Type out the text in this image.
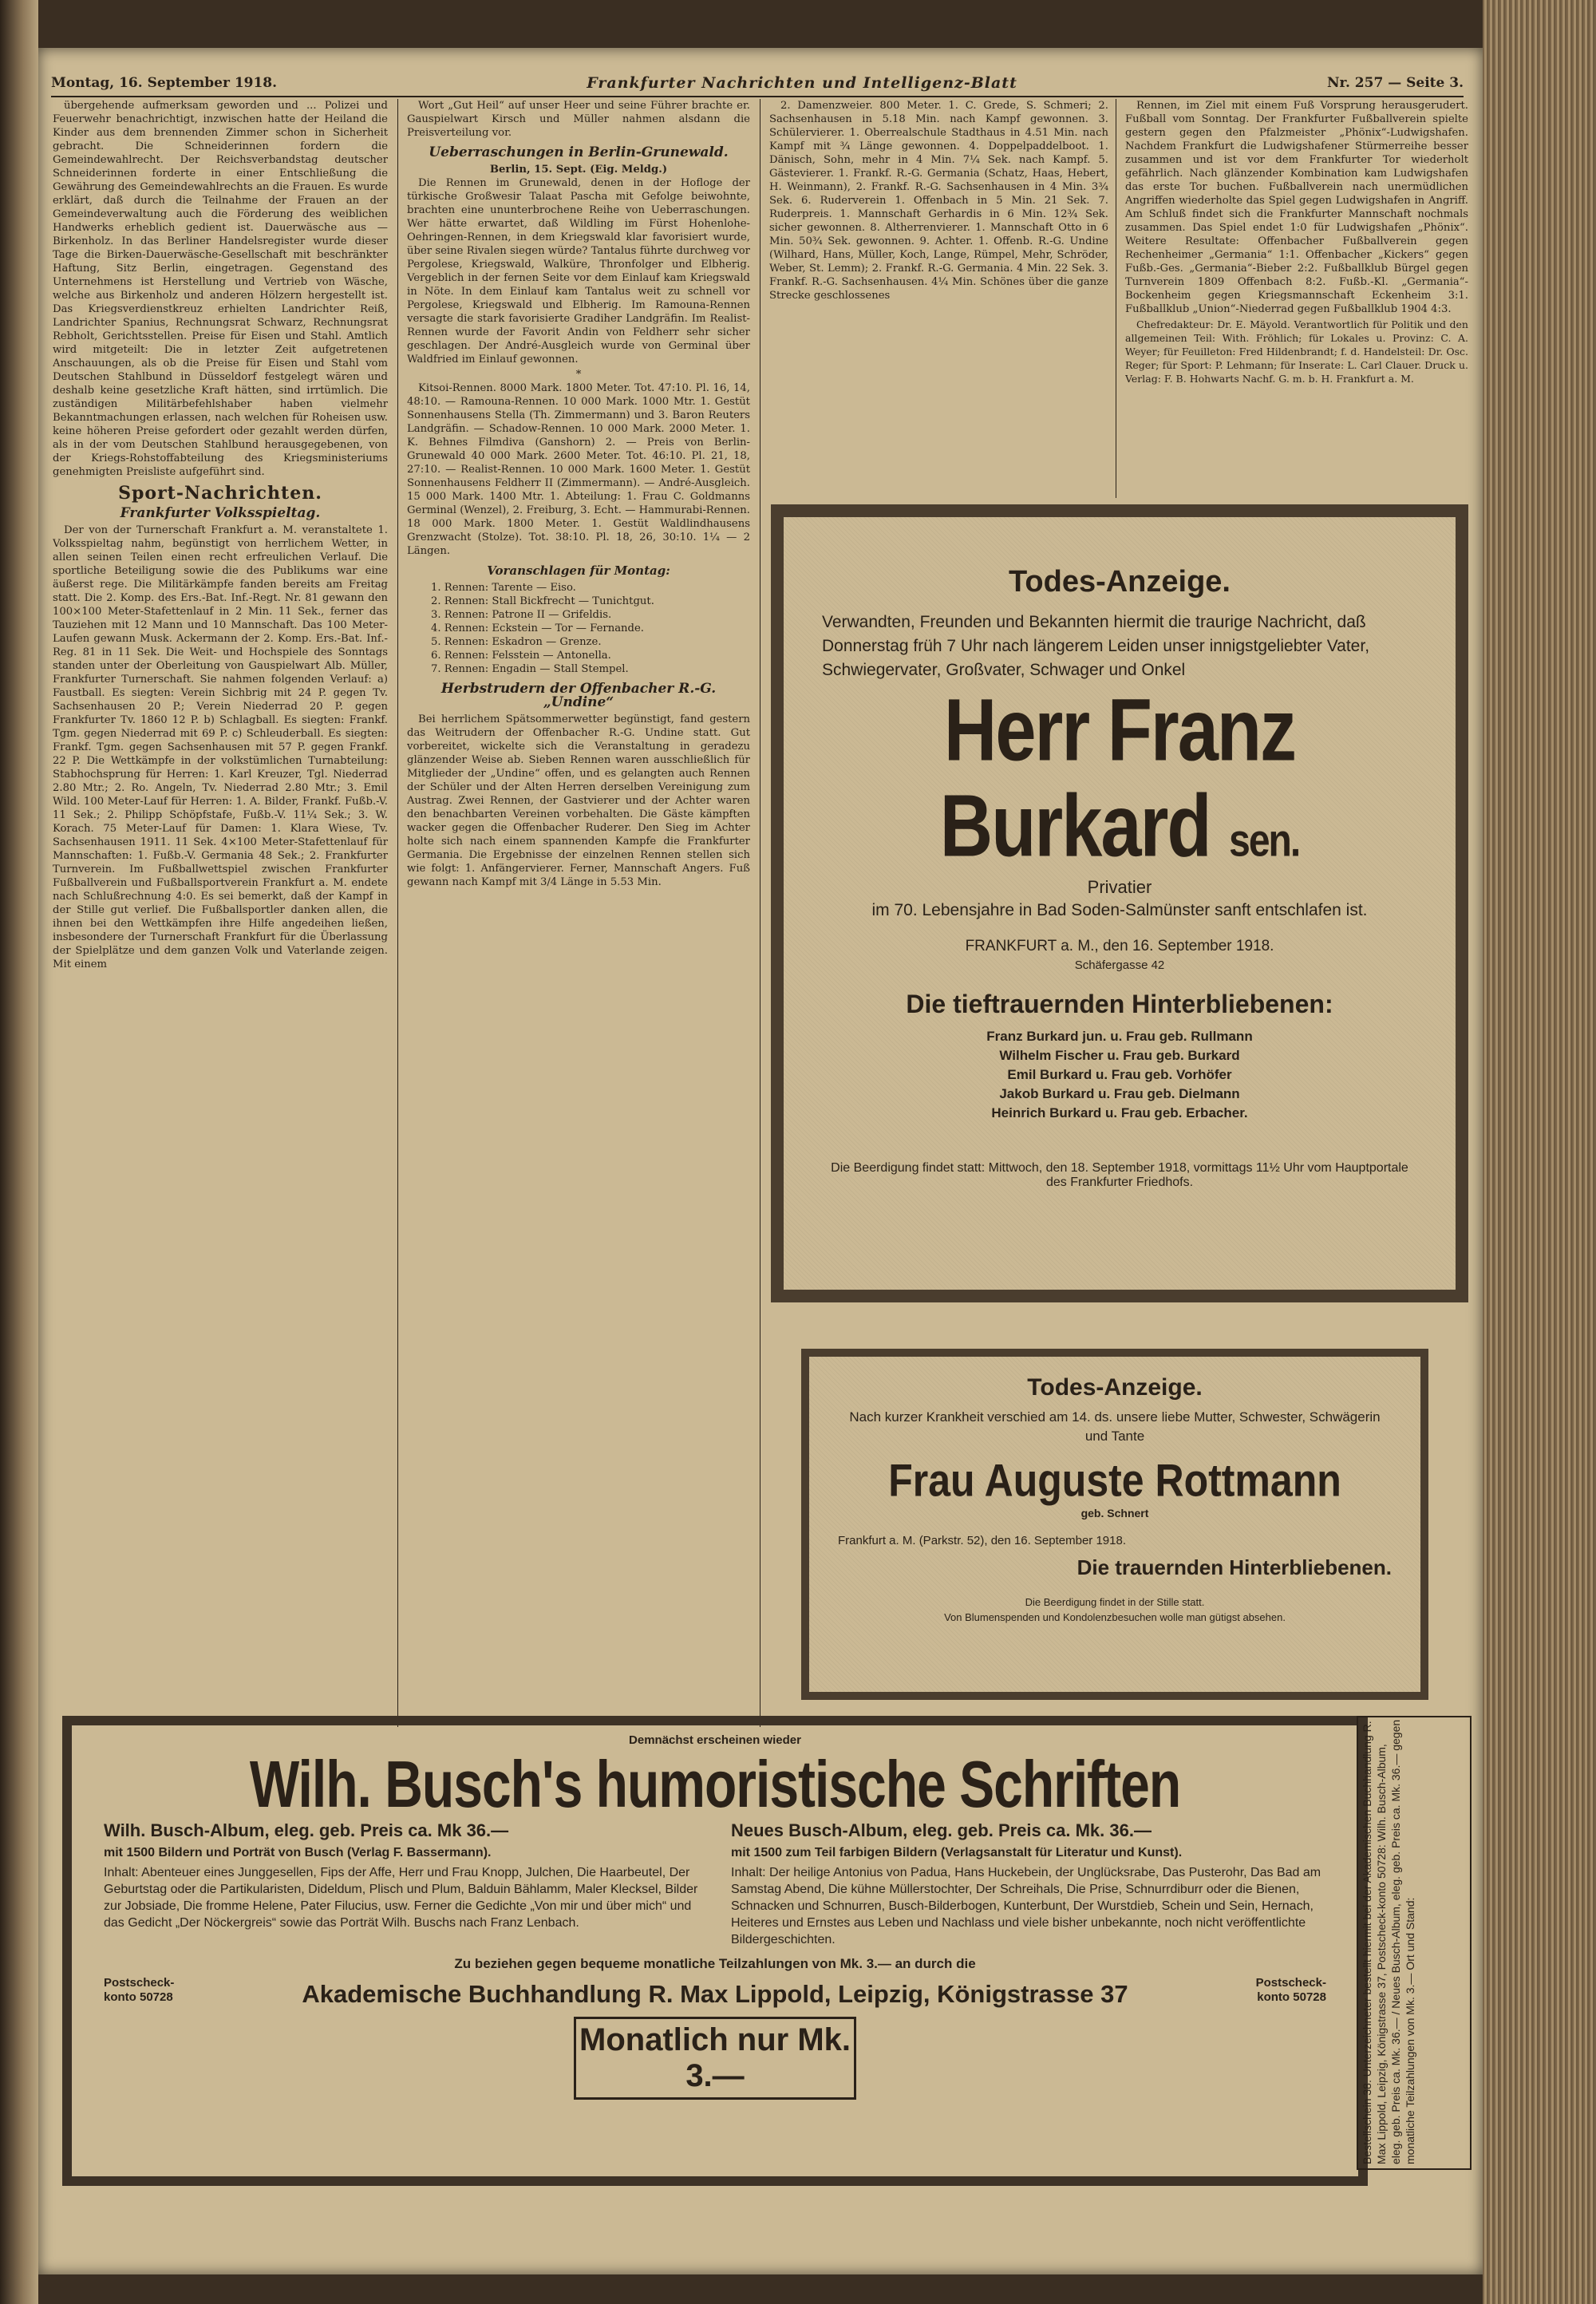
Montag, 16. September 1918.	Frankfurter Nachrichten und Intelligenz-Blatt	Nr. 257 — Seite 3.

übergehende aufmerksam geworden und ... Polizei und Feuerwehr benachrichtigt, inzwischen hatte der Heiland die Kinder aus dem brennenden Zimmer schon in Sicherheit gebracht. Die Schneiderinnen fordern die Gemeindewahlrecht. Der Reichsverbandstag deutscher Schneiderinnen forderte in einer Entschließung die Gewährung des Gemeindewahlrechts an die Frauen. Es wurde erklärt, daß durch die Teilnahme der Frauen an der Gemeindeverwaltung auch die Förderung des weiblichen Handwerks erheblich gedient ist. Dauerwäsche aus — Birkenholz. In das Berliner Handelsregister wurde dieser Tage die Birken-Dauerwäsche-Gesellschaft mit beschränkter Haftung, Sitz Berlin, eingetragen. Gegenstand des Unternehmens ist Herstellung und Vertrieb von Wäsche, welche aus Birkenholz und anderen Hölzern hergestellt ist. Das Kriegsverdienstkreuz erhielten Landrichter Reiß, Landrichter Spanius, Rechnungsrat Schwarz, Rechnungsrat Rebholt, Gerichtsstellen. Preise für Eisen und Stahl. Amtlich wird mitgeteilt: Die in letzter Zeit aufgetretenen Anschauungen, als ob die Preise für Eisen und Stahl vom Deutschen Stahlbund in Düsseldorf festgelegt wären und deshalb keine gesetzliche Kraft hätten, sind irrtümlich. Die zuständigen Militärbefehlshaber haben vielmehr Bekanntmachungen erlassen, nach welchen für Roheisen usw. keine höheren Preise gefordert oder gezahlt werden dürfen, als in der vom Deutschen Stahlbund herausgegebenen, von der Kriegs-Rohstoffabteilung des Kriegsministeriums genehmigten Preisliste aufgeführt sind.

Sport-Nachrichten.
Frankfurter Volksspieltag.

Der von der Turnerschaft Frankfurt a. M. veranstaltete 1. Volksspieltag nahm, begünstigt von herrlichem Wetter, in allen seinen Teilen einen recht erfreulichen Verlauf. Die sportliche Beteiligung sowie die des Publikums war eine äußerst rege. Die Militärkämpfe fanden bereits am Freitag statt. Die 2. Komp. des Ers.-Bat. Inf.-Regt. Nr. 81 gewann den 100×100 Meter-Stafettenlauf in 2 Min. 11 Sek., ferner das Tauziehen mit 12 Mann und 10 Mannschaft. Das 100 Meter-Laufen gewann Musk. Ackermann der 2. Komp. Ers.-Bat. Inf.-Reg. 81 in 11 Sek. Die Weit- und Hochspiele des Sonntags standen unter der Oberleitung von Gauspielwart Alb. Müller, Frankfurter Turnerschaft. Sie nahmen folgenden Verlauf: a) Faustball. Es siegten: Verein Sichbrig mit 24 P. gegen Tv. Sachsenhausen 20 P.; Verein Niederrad 20 P. gegen Frankfurter Tv. 1860 12 P. b) Schlagball. Es siegten: Frankf. Tgm. gegen Niederrad mit 69 P. c) Schleuderball. Es siegten: Frankf. Tgm. gegen Sachsenhausen mit 57 P. gegen Frankf. 22 P. Die Wettkämpfe in der volkstümlichen Turnabteilung: Stabhochsprung für Herren: 1. Karl Kreuzer, Tgl. Niederrad 2.80 Mtr.; 2. Ro. Angeln, Tv. Niederrad 2.80 Mtr.; 3. Emil Wild. 100 Meter-Lauf für Herren: 1. A. Bilder, Frankf. Fußb.-V. 11 Sek.; 2. Philipp Schöpfstafe, Fußb.-V. 11¼ Sek.; 3. W. Korach. 75 Meter-Lauf für Damen: 1. Klara Wiese, Tv. Sachsenhausen 1911. 11 Sek. 4×100 Meter-Stafettenlauf für Mannschaften: 1. Fußb.-V. Germania 48 Sek.; 2. Frankfurter Turnverein. Im Fußballwettspiel zwischen Frankfurter Fußballverein und Fußballsportverein Frankfurt a. M. endete nach Schlußrechnung 4:0. Es sei bemerkt, daß der Kampf in der Stille gut verlief. Die Fußballsportler danken allen, die ihnen bei den Wettkämpfen ihre Hilfe angedeihen ließen, insbesondere der Turnerschaft Frankfurt für die Überlassung der Spielplätze und dem ganzen Volk und Vaterlande zeigen. Mit einem

Wort „Gut Heil“ auf unser Heer und seine Führer brachte er. Gauspielwart Kirsch und Müller nahmen alsdann die Preisverteilung vor.

Ueberraschungen in Berlin-Grunewald.
Berlin, 15. Sept. (Eig. Meldg.)

Die Rennen im Grunewald, denen in der Hofloge der türkische Großwesir Talaat Pascha mit Gefolge beiwohnte, brachten eine ununterbrochene Reihe von Ueberraschungen. Wer hätte erwartet, daß Wildling im Fürst Hohenlohe-Oehringen-Rennen, in dem Kriegswald klar favorisiert wurde, über seine Rivalen siegen würde? Tantalus führte durchweg vor Pergolese, Kriegswald, Walküre, Thronfolger und Elbherig. Vergeblich in der fernen Seite vor dem Einlauf kam Kriegswald in Nöte. In dem Einlauf kam Tantalus weit zu schnell vor Pergolese, Kriegswald und Elbherig. Im Ramouna-Rennen versagte die stark favorisierte Gradiher Landgräfin. Im Realist-Rennen wurde der Favorit Andin von Feldherr sehr sicher geschlagen. Der André-Ausgleich wurde von Germinal über Waldfried im Einlauf gewonnen.

*

Kitsoi-Rennen. 8000 Mark. 1800 Meter. Tot. 47:10. Pl. 16, 14, 48:10. — Ramouna-Rennen. 10 000 Mark. 1000 Mtr. 1. Gestüt Sonnenhausens Stella (Th. Zimmermann) und 3. Baron Reuters Landgräfin. — Schadow-Rennen. 10 000 Mark. 2000 Meter. 1. K. Behnes Filmdiva (Ganshorn) 2. — Preis von Berlin-Grunewald 40 000 Mark. 2600 Meter. Tot. 46:10. Pl. 21, 18, 27:10. — Realist-Rennen. 10 000 Mark. 1600 Meter. 1. Gestüt Sonnenhausens Feldherr II (Zimmermann). — André-Ausgleich. 15 000 Mark. 1400 Mtr. 1. Abteilung: 1. Frau C. Goldmanns Germinal (Wenzel), 2. Freiburg, 3. Echt. — Hammurabi-Rennen. 18 000 Mark. 1800 Meter. 1. Gestüt Waldlindhausens Grenzwacht (Stolze). Tot. 38:10. Pl. 18, 26, 30:10. 1¼ — 2 Längen.

Voranschlagen für Montag:
1. Rennen: Tarente — Eiso.
2. Rennen: Stall Bickfrecht — Tunichtgut.
3. Rennen: Patrone II — Grifeldis.
4. Rennen: Eckstein — Tor — Fernande.
5. Rennen: Eskadron — Grenze.
6. Rennen: Felsstein — Antonella.
7. Rennen: Engadin — Stall Stempel.
Herbstrudern der Offenbacher R.-G. „Undine“

Bei herrlichem Spätsommerwetter begünstigt, fand gestern das Weitrudern der Offenbacher R.-G. Undine statt. Gut vorbereitet, wickelte sich die Veranstaltung in geradezu glänzender Weise ab. Sieben Rennen waren ausschließlich für Mitglieder der „Undine“ offen, und es gelangten auch Rennen der Schüler und der Alten Herren derselben Vereinigung zum Austrag. Zwei Rennen, der Gastvierer und der Achter waren den benachbarten Vereinen vorbehalten. Die Gäste kämpften wacker gegen die Offenbacher Ruderer. Den Sieg im Achter holte sich nach einem spannenden Kampfe die Frankfurter Germania. Die Ergebnisse der einzelnen Rennen stellen sich wie folgt: 1. Anfängervierer. Ferner, Mannschaft Angers. Fuß gewann nach Kampf mit 3/4 Länge in 5.53 Min.

2. Damenzweier. 800 Meter. 1. C. Grede, S. Schmeri; 2. Sachsenhausen in 5.18 Min. nach Kampf gewonnen. 3. Schülervierer. 1. Oberrealschule Stadthaus in 4.51 Min. nach Kampf mit ¾ Länge gewonnen. 4. Doppelpaddelboot. 1. Dänisch, Sohn, mehr in 4 Min. 7¼ Sek. nach Kampf. 5. Gästevierer. 1. Frankf. R.-G. Germania (Schatz, Haas, Hebert, H. Weinmann), 2. Frankf. R.-G. Sachsenhausen in 4 Min. 3¾ Sek. 6. Ruderverein 1. Offenbach in 5 Min. 21 Sek. 7. Ruderpreis. 1. Mannschaft Gerhardis in 6 Min. 12¾ Sek. sicher gewonnen. 8. Altherrenvierer. 1. Mannschaft Otto in 6 Min. 50¾ Sek. gewonnen. 9. Achter. 1. Offenb. R.-G. Undine (Wilhard, Hans, Müller, Koch, Lange, Rümpel, Mehr, Schröder, Weber, St. Lemm); 2. Frankf. R.-G. Germania. 4 Min. 22 Sek. 3. Frankf. R.-G. Sachsenhausen. 4¼ Min. Schönes über die ganze Strecke geschlossenes

Rennen, im Ziel mit einem Fuß Vorsprung herausgerudert. Fußball vom Sonntag. Der Frankfurter Fußballverein spielte gestern gegen den Pfalzmeister „Phönix“-Ludwigshafen. Nachdem Frankfurt die Ludwigshafener Stürmerreihe besser zusammen und ist vor dem Frankfurter Tor wiederholt gefährlich. Nach glänzender Kombination kam Ludwigshafen das erste Tor buchen. Fußballverein nach unermüdlichen Angriffen wiederholte das Spiel gegen Ludwigshafen in Angriff. Am Schluß findet sich die Frankfurter Mannschaft nochmals zusammen. Das Spiel endet 1:0 für Ludwigshafen „Phönix“. Weitere Resultate: Offenbacher Fußballverein gegen Rechenheimer „Germania“ 1:1. Offenbacher „Kickers“ gegen Fußb.-Ges. „Germania“-Bieber 2:2. Fußballklub Bürgel gegen Turnverein 1809 Offenbach 8:2. Fußb.-Kl. „Germania“-Bockenheim gegen Kriegsmannschaft Eckenheim 3:1. Fußballklub „Union“-Niederrad gegen Fußballklub 1904 4:3.

Chefredakteur: Dr. E. Mäyold. Verantwortlich für Politik und den allgemeinen Teil: With. Fröhlich; für Lokales u. Provinz: C. A. Weyer; für Feuilleton: Fred Hildenbrandt; f. d. Handelsteil: Dr. Osc. Reger; für Sport: P. Lehmann; für Inserate: L. Carl Clauer. Druck u. Verlag: F. B. Hohwarts Nachf. G. m. b. H. Frankfurt a. M.

Todes-Anzeige.
Verwandten, Freunden und Bekannten hiermit die traurige Nachricht, daß Donnerstag früh 7 Uhr nach längerem Leiden unser innigstgeliebter Vater, Schwiegervater, Großvater, Schwager und Onkel
Herr Franz Burkard sen.
Privatier
im 70. Lebensjahre in Bad Soden-Salmünster sanft entschlafen ist.
FRANKFURT a. M., den 16. September 1918.
Schäfergasse 42
Die tieftrauernden Hinterbliebenen:
Franz Burkard jun. u. Frau geb. Rullmann
Wilhelm Fischer u. Frau geb. Burkard
Emil Burkard u. Frau geb. Vorhöfer
Jakob Burkard u. Frau geb. Dielmann
Heinrich Burkard u. Frau geb. Erbacher.
Die Beerdigung findet statt: Mittwoch, den 18. September 1918, vormittags 11½ Uhr vom Hauptportale des Frankfurter Friedhofs.
Todes-Anzeige.
Nach kurzer Krankheit verschied am 14. ds. unsere liebe Mutter, Schwester, Schwägerin und Tante
Frau Auguste Rottmann
geb. Schnert
Frankfurt a. M. (Parkstr. 52), den 16. September 1918.
Die trauernden Hinterbliebenen.
Die Beerdigung findet in der Stille statt.
Von Blumenspenden und Kondolenzbesuchen wolle man gütigst absehen.
Demnächst erscheinen wieder
Wilh. Busch's humoristische Schriften
Wilh. Busch-Album, eleg. geb. Preis ca. Mk 36.—
mit 1500 Bildern und Porträt von Busch (Verlag F. Bassermann).
Inhalt: Abenteuer eines Junggesellen, Fips der Affe, Herr und Frau Knopp, Julchen, Die Haarbeutel, Der Geburtstag oder die Partikularisten, Dideldum, Plisch und Plum, Balduin Bählamm, Maler Klecksel, Bilder zur Jobsiade, Die fromme Helene, Pater Filucius, usw. Ferner die Gedichte „Von mir und über mich“ und das Gedicht „Der Nöckergreis“ sowie das Porträt Wilh. Buschs nach Franz Lenbach.
Neues Busch-Album, eleg. geb. Preis ca. Mk. 36.—
mit 1500 zum Teil farbigen Bildern (Verlagsanstalt für Literatur und Kunst).
Inhalt: Der heilige Antonius von Padua, Hans Huckebein, der Unglücksrabe, Das Pusterohr, Das Bad am Samstag Abend, Die kühne Müllerstochter, Der Schreihals, Die Prise, Schnurrdiburr oder die Bienen, Schnacken und Schnurren, Busch-Bilderbogen, Kunterbunt, Der Wurstdieb, Schein und Sein, Hernach, Heiteres und Ernstes aus Leben und Nachlass und viele bisher unbekannte, noch nicht veröffentlichte Bildergeschichten.
Zu beziehen gegen bequeme monatliche Teilzahlungen von Mk. 3.— an durch die
Postscheck-konto 50728	Akademische Buchhandlung R. Max Lippold, Leipzig, Königstrasse 37	Postscheck-konto 50728
Monatlich nur Mk. 3.—	Bestellschein 38. Unterzeichneter bestellt hiermit bei der Akademischen Buchhandlung R. Max Lippold, Leipzig, Königstrasse 37, Postscheck-konto 50728: Wilh. Busch-Album, eleg. geb. Preis ca. Mk. 36.— / Neues Busch-Album, eleg. geb. Preis ca. Mk. 36.— gegen monatliche Teilzahlungen von Mk. 3.— Ort und Stand:
